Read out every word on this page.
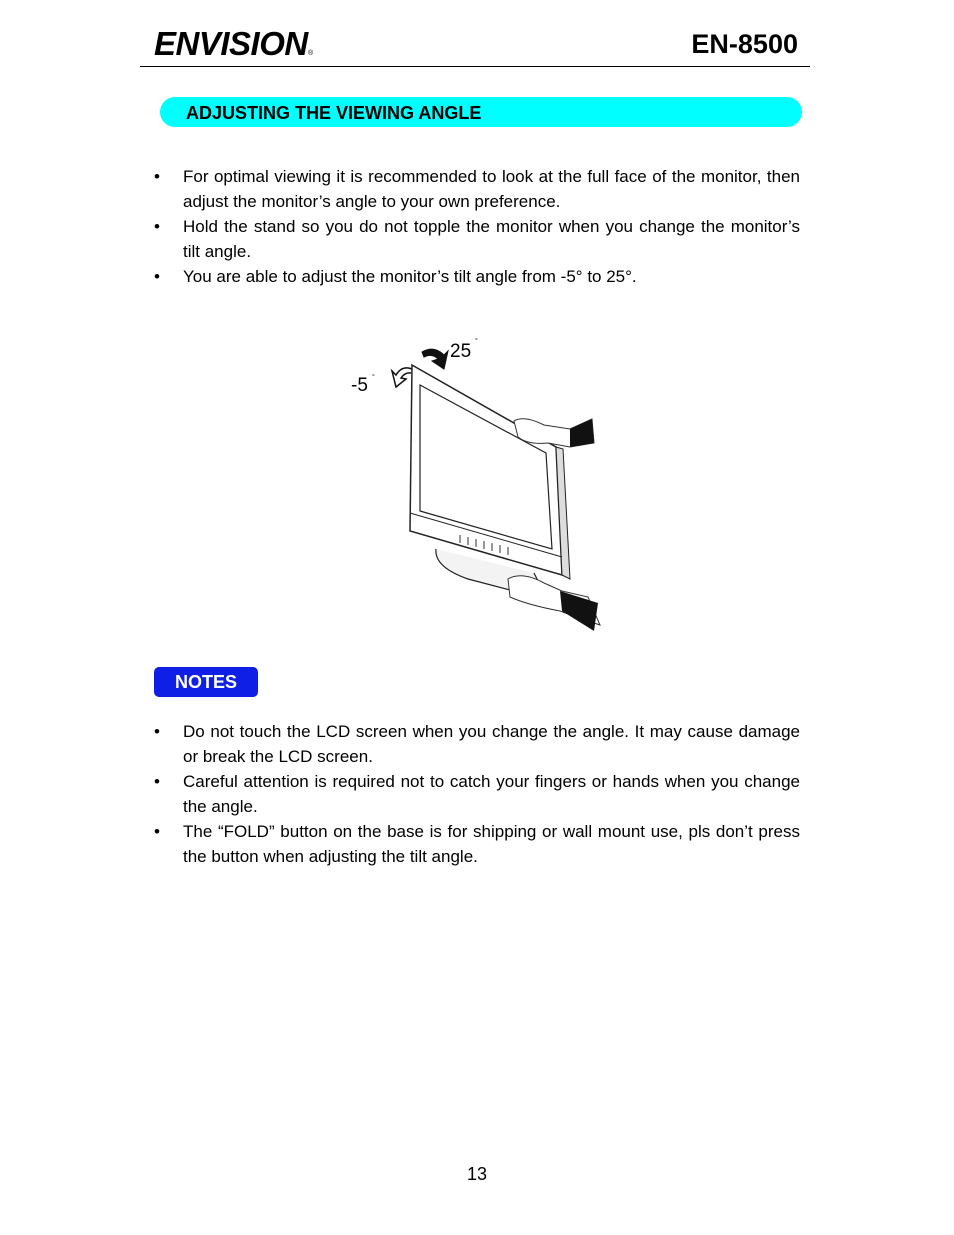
ENVISION ®	EN-8500
ADJUSTING THE VIEWING ANGLE
• For optimal viewing it is recommended to look at the full face of the monitor, then adjust the monitor’s angle to your own preference.
• Hold the stand so you do not topple the monitor when you change the monitor’s tilt angle.
• You are able to adjust the monitor’s tilt angle from -5° to 25°.
-5 °
25 °
NOTES
• Do not touch the LCD screen when you change the angle. It may cause damage or break the LCD screen.
• Careful attention is required not to catch your fingers or hands when you change the angle.
• The “FOLD” button on the base is for shipping or wall mount use, pls don’t press the button when adjusting the tilt angle.
13
